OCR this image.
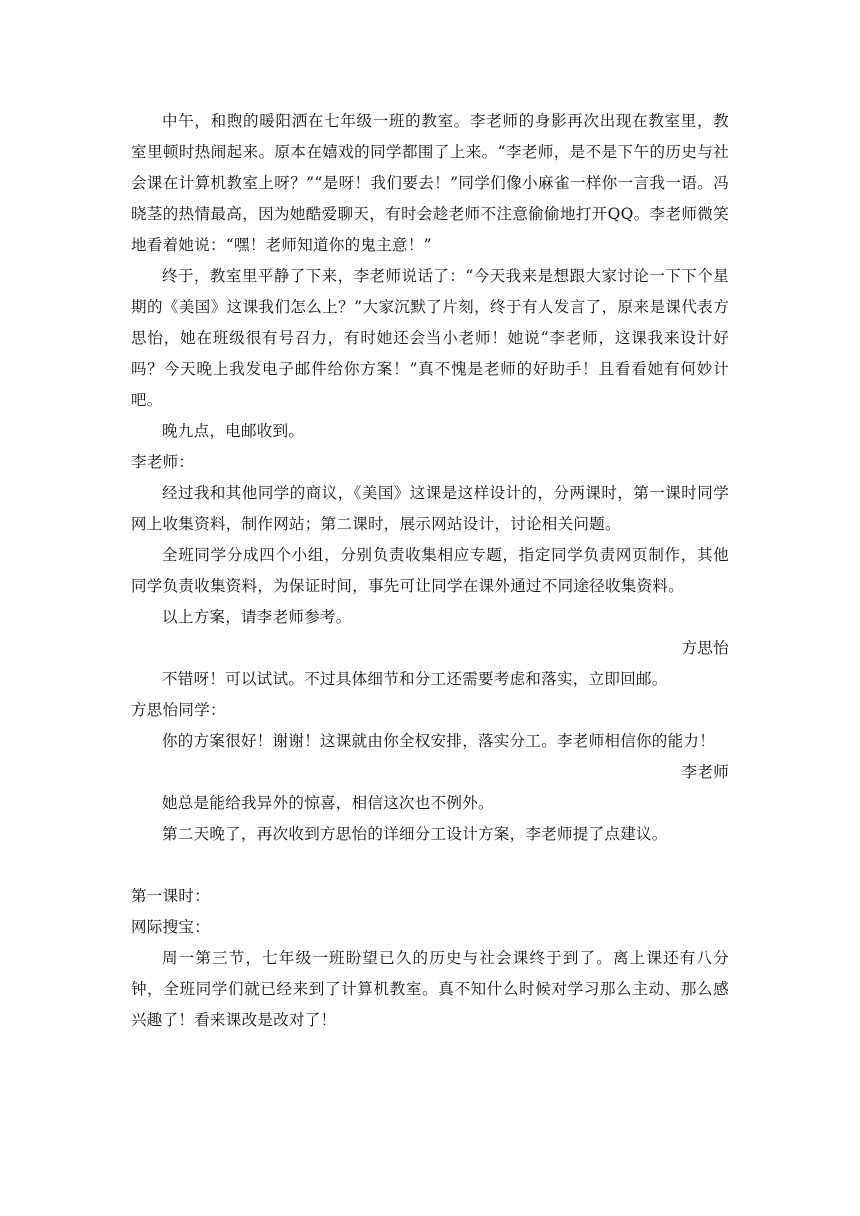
中午，和煦的暖阳洒在七年级一班的教室。李老师的身影再次出现在教室里，教室里顿时热闹起来。原本在嬉戏的同学都围了上来。“李老师，是不是下午的历史与社会课在计算机教室上呀？”“是呀！我们要去！”同学们像小麻雀一样你一言我一语。冯晓茎的热情最高，因为她酷爱聊天，有时会趁老师不注意偷偷地打开QQ。李老师微笑地看着她说：“嘿！老师知道你的鬼主意！”

终于，教室里平静了下来，李老师说话了：“今天我来是想跟大家讨论一下下个星期的《美国》这课我们怎么上？”大家沉默了片刻，终于有人发言了，原来是课代表方思怡，她在班级很有号召力，有时她还会当小老师！她说“李老师，这课我来设计好吗？今天晚上我发电子邮件给你方案！”真不愧是老师的好助手！且看看她有何妙计吧。

晚九点，电邮收到。

李老师：

经过我和其他同学的商议，《美国》这课是这样设计的，分两课时，第一课时同学网上收集资料，制作网站；第二课时，展示网站设计，讨论相关问题。

全班同学分成四个小组，分别负责收集相应专题，指定同学负责网页制作，其他同学负责收集资料，为保证时间，事先可让同学在课外通过不同途径收集资料。

以上方案，请李老师参考。

方思怡

不错呀！可以试试。不过具体细节和分工还需要考虑和落实，立即回邮。

方思怡同学：

你的方案很好！谢谢！这课就由你全权安排，落实分工。李老师相信你的能力！

李老师

她总是能给我异外的惊喜，相信这次也不例外。

第二天晚了，再次收到方思怡的详细分工设计方案，李老师提了点建议。

第一课时：

网际搜宝：

周一第三节，七年级一班盼望已久的历史与社会课终于到了。离上课还有八分钟，全班同学们就已经来到了计算机教室。真不知什么时候对学习那么主动、那么感兴趣了！看来课改是改对了！
